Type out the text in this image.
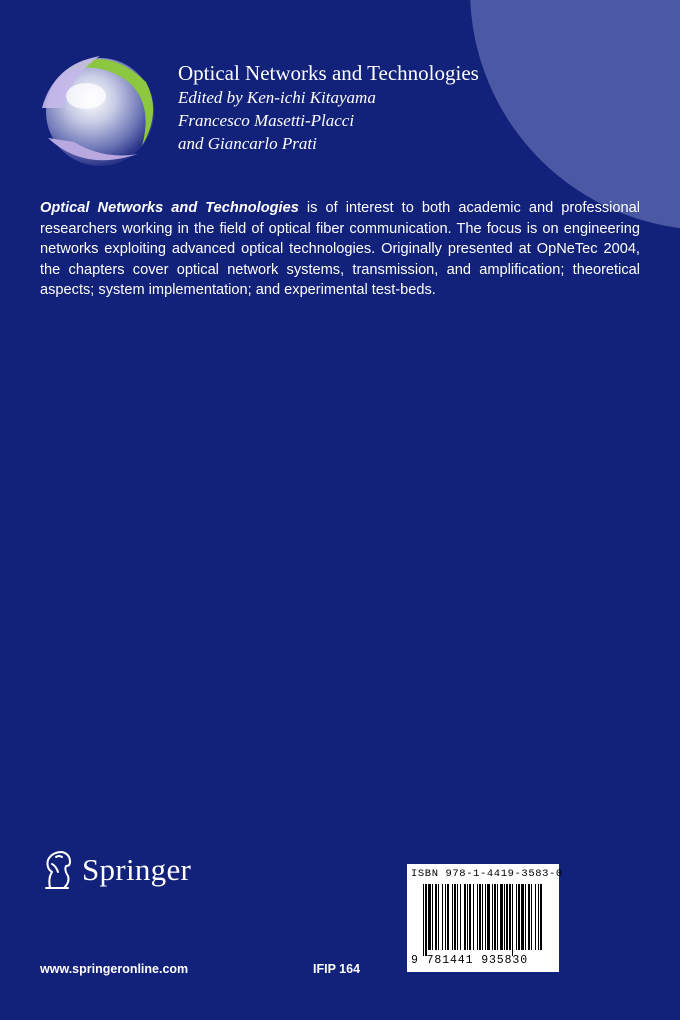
Optical Networks and Technologies
Edited by Ken-ichi Kitayama
Francesco Masetti-Placci
and Giancarlo Prati
Optical Networks and Technologies is of interest to both academic and professional researchers working in the field of optical fiber communication. The focus is on engineering networks exploiting advanced optical technologies. Originally presented at OpNeTec 2004, the chapters cover optical network systems, transmission, and amplification; theoretical aspects; system implementation; and experimental test-beds.
Springer
www.springeronline.com	IFIP 164
ISBN 978-1-4419-3583-0
9 781441 935830
